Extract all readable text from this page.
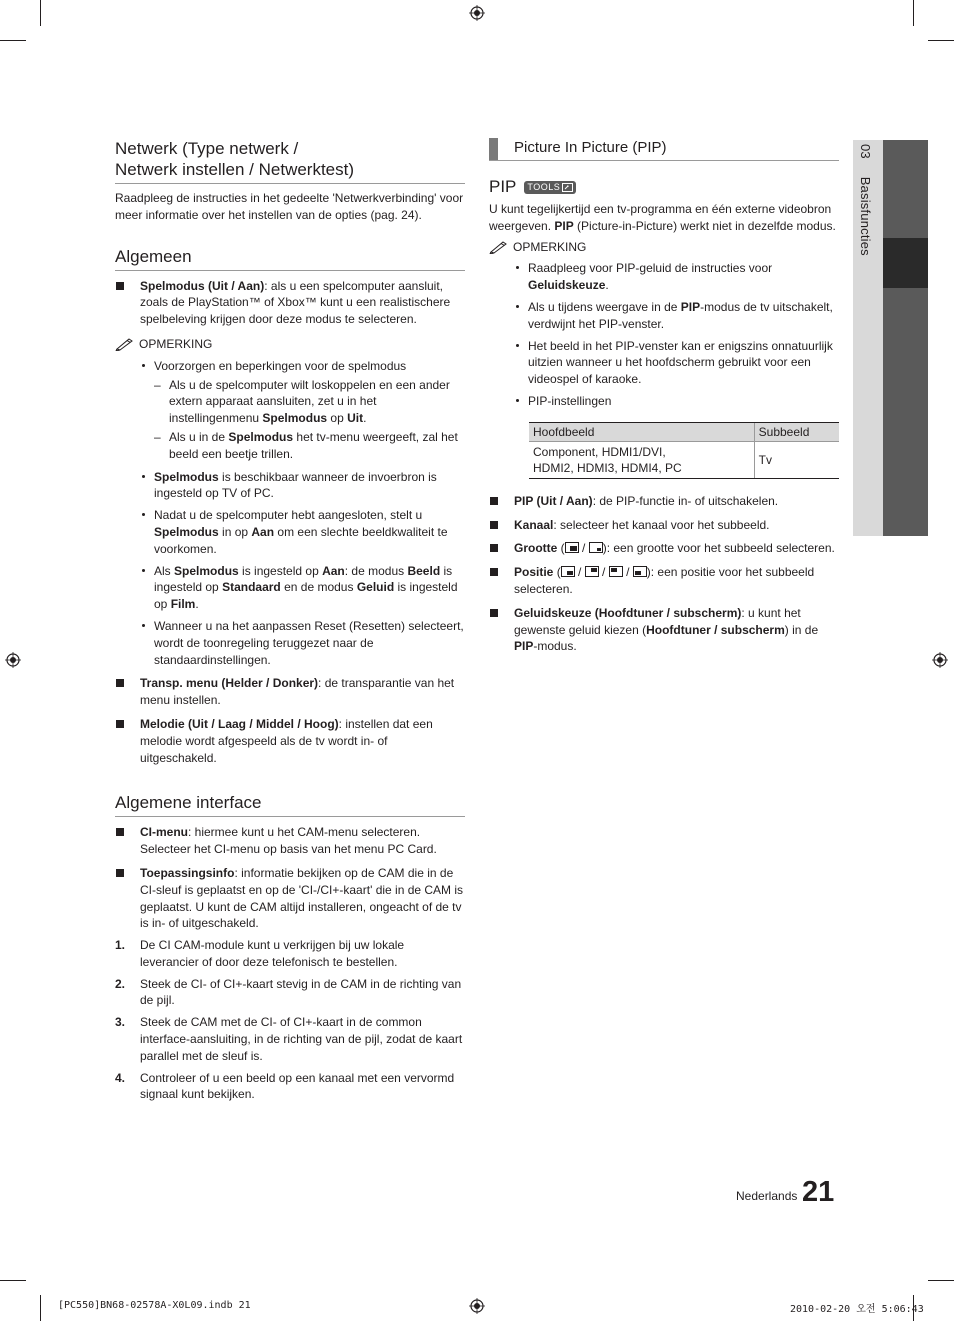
03 Basisfuncties
Netwerk (Type netwerk /
Netwerk instellen / Netwerktest)

Raadpleeg de instructies in het gedeelte 'Netwerkverbinding' voor meer informatie over het instellen van de opties (pag. 24).

Algemeen
Spelmodus (Uit / Aan): als u een spelcomputer aansluit, zoals de PlayStation™ of Xbox™ kunt u een realistischere spelbeleving krijgen door deze modus te selecteren.
OPMERKING
Voorzorgen en beperkingen voor de spelmodus
– Als u de spelcomputer wilt loskoppelen en een ander extern apparaat aansluiten, zet u in het instellingenmenu Spelmodus op Uit.
– Als u in de Spelmodus het tv-menu weergeeft, zal het beeld een beetje trillen.
Spelmodus is beschikbaar wanneer de invoerbron is ingesteld op TV of PC.
Nadat u de spelcomputer hebt aangesloten, stelt u Spelmodus in op Aan om een slechte beeldkwaliteit te voorkomen.
Als Spelmodus is ingesteld op Aan: de modus Beeld is ingesteld op Standaard en de modus Geluid is ingesteld op Film.
Wanneer u na het aanpassen Reset (Resetten) selecteert, wordt de toonregeling teruggezet naar de standaardinstellingen.
Transp. menu (Helder / Donker): de transparantie van het menu instellen.
Melodie (Uit / Laag / Middel / Hoog): instellen dat een melodie wordt afgespeeld als de tv wordt in- of uitgeschakeld.
Algemene interface
CI-menu: hiermee kunt u het CAM-menu selecteren. Selecteer het CI-menu op basis van het menu PC Card.
Toepassingsinfo: informatie bekijken op de CAM die in de CI-sleuf is geplaatst en op de 'CI-/CI+-kaart' die in de CAM is geplaatst. U kunt de CAM altijd installeren, ongeacht of de tv is in- of uitgeschakeld.
1. De CI CAM-module kunt u verkrijgen bij uw lokale leverancier of door deze telefonisch te bestellen.
2. Steek de CI- of CI+-kaart stevig in de CAM in de richting van de pijl.
3. Steek de CAM met de CI- of CI+-kaart in de common interface-aansluiting, in de richting van de pijl, zodat de kaart parallel met de sleuf is.
4. Controleer of u een beeld op een kanaal met een vervormd signaal kunt bekijken.
Picture In Picture (PIP)
PIP TOOLS

U kunt tegelijkertijd een tv-programma en één externe videobron weergeven. PIP (Picture-in-Picture) werkt niet in dezelfde modus.

OPMERKING
Raadpleeg voor PIP-geluid de instructies voor Geluidskeuze.
Als u tijdens weergave in de PIP-modus de tv uitschakelt, verdwijnt het PIP-venster.
Het beeld in het PIP-venster kan er enigszins onnatuurlijk uitzien wanneer u het hoofdscherm gebruikt voor een videospel of karaoke.
PIP-instellingen
Hoofdbeeld	Subbeeld
Component, HDMI1/DVI,
HDMI2, HDMI3, HDMI4, PC	Tv
PIP (Uit / Aan): de PIP-functie in- of uitschakelen.
Kanaal: selecteer het kanaal voor het subbeeld.
Grootte (
/
): een grootte voor het subbeeld selecteren.
Positie (
/
/
/
): een positie voor het subbeeld selecteren.
Geluidskeuze (Hoofdtuner / subscherm): u kunt het gewenste geluid kiezen (Hoofdtuner / subscherm) in de PIP-modus.
Nederlands 21
[PC550]BN68-02578A-X0L09.indb 21	2010-02-20 오전 5:06:43
